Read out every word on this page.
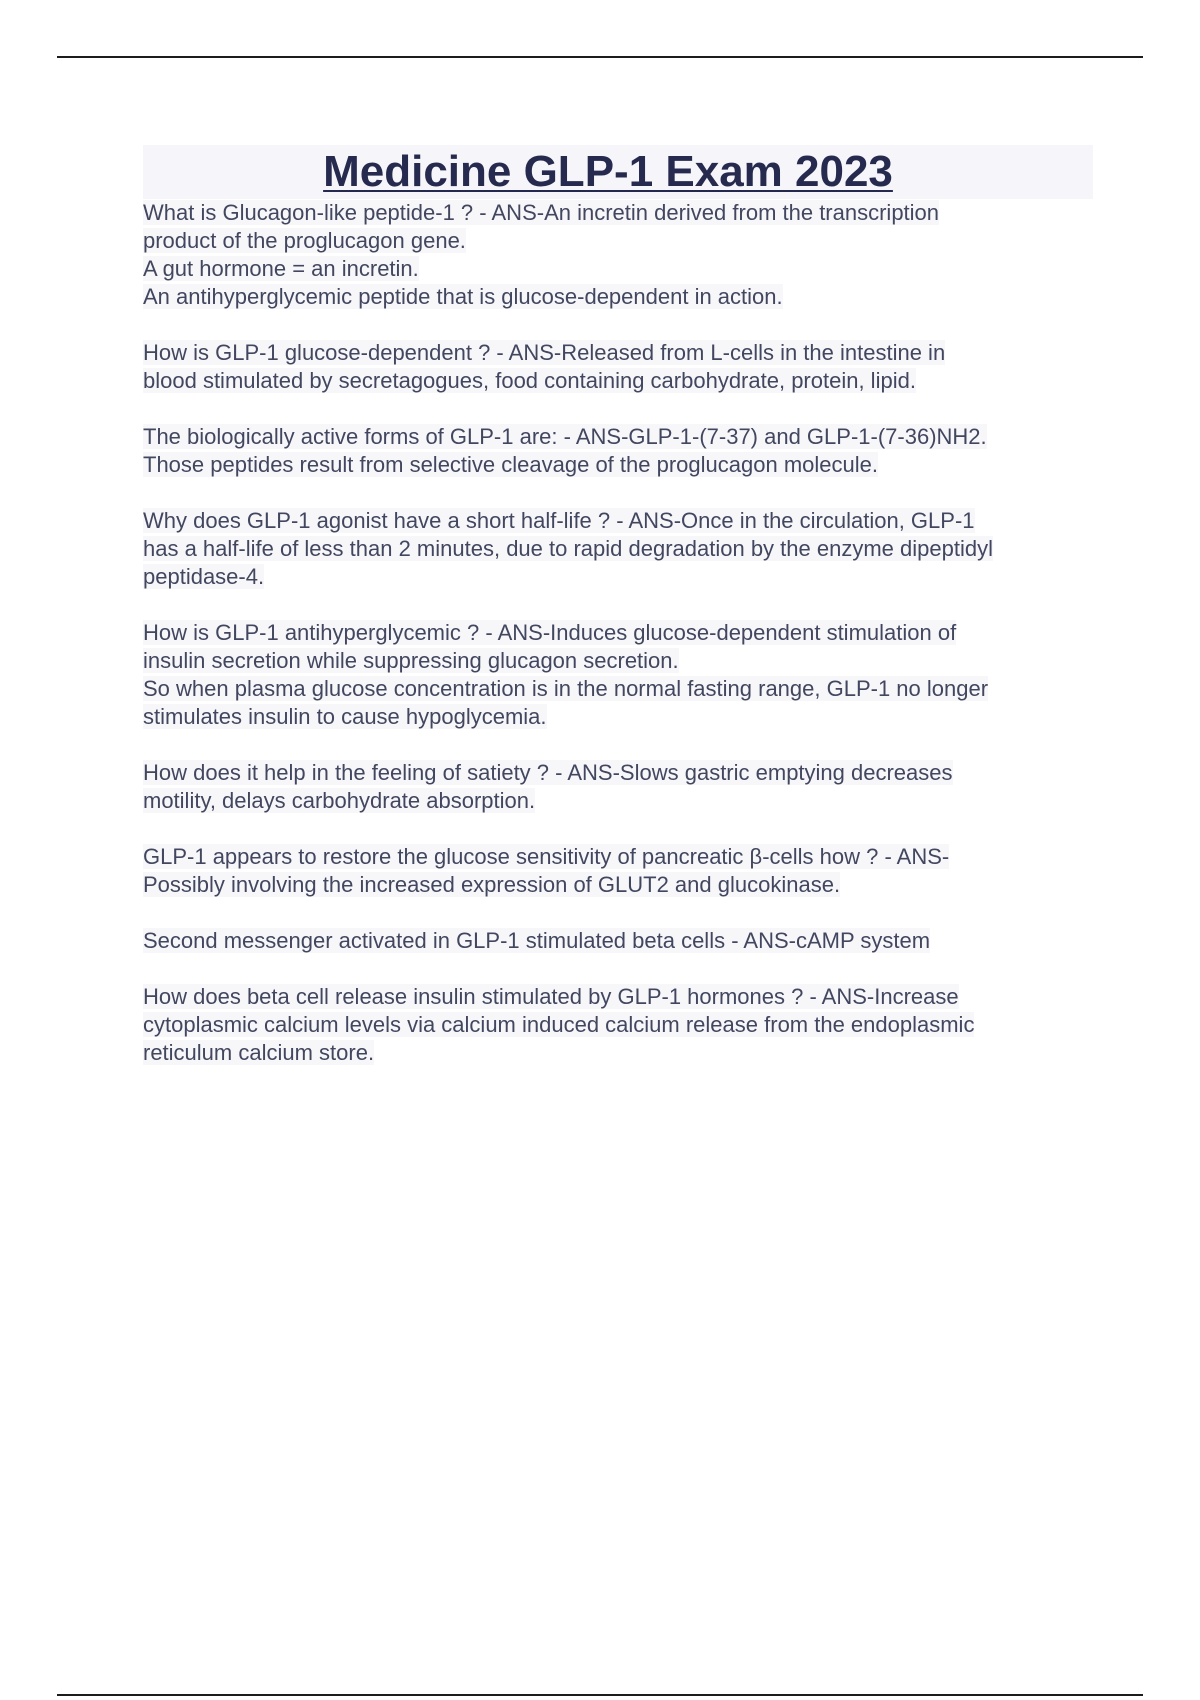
Medicine GLP-1 Exam 2023
What is Glucagon-like peptide-1 ? - ANS-An incretin derived from the transcription
product of the proglucagon gene.
A gut hormone = an incretin.
An antihyperglycemic peptide that is glucose-dependent in action.
How is GLP-1 glucose-dependent ? - ANS-Released from L-cells in the intestine in
blood stimulated by secretagogues, food containing carbohydrate, protein, lipid.
The biologically active forms of GLP-1 are: - ANS-GLP-1-(7-37) and GLP-1-(7-36)NH2.
Those peptides result from selective cleavage of the proglucagon molecule.
Why does GLP-1 agonist have a short half-life ? - ANS-Once in the circulation, GLP-1
has a half-life of less than 2 minutes, due to rapid degradation by the enzyme dipeptidyl
peptidase-4.
How is GLP-1 antihyperglycemic ? - ANS-Induces glucose-dependent stimulation of
insulin secretion while suppressing glucagon secretion.
So when plasma glucose concentration is in the normal fasting range, GLP-1 no longer
stimulates insulin to cause hypoglycemia.
How does it help in the feeling of satiety ? - ANS-Slows gastric emptying decreases
motility, delays carbohydrate absorption.
GLP-1 appears to restore the glucose sensitivity of pancreatic β-cells how ? - ANS-
Possibly involving the increased expression of GLUT2 and glucokinase.
Second messenger activated in GLP-1 stimulated beta cells - ANS-cAMP system
How does beta cell release insulin stimulated by GLP-1 hormones ? - ANS-Increase
cytoplasmic calcium levels via calcium induced calcium release from the endoplasmic
reticulum calcium store.
